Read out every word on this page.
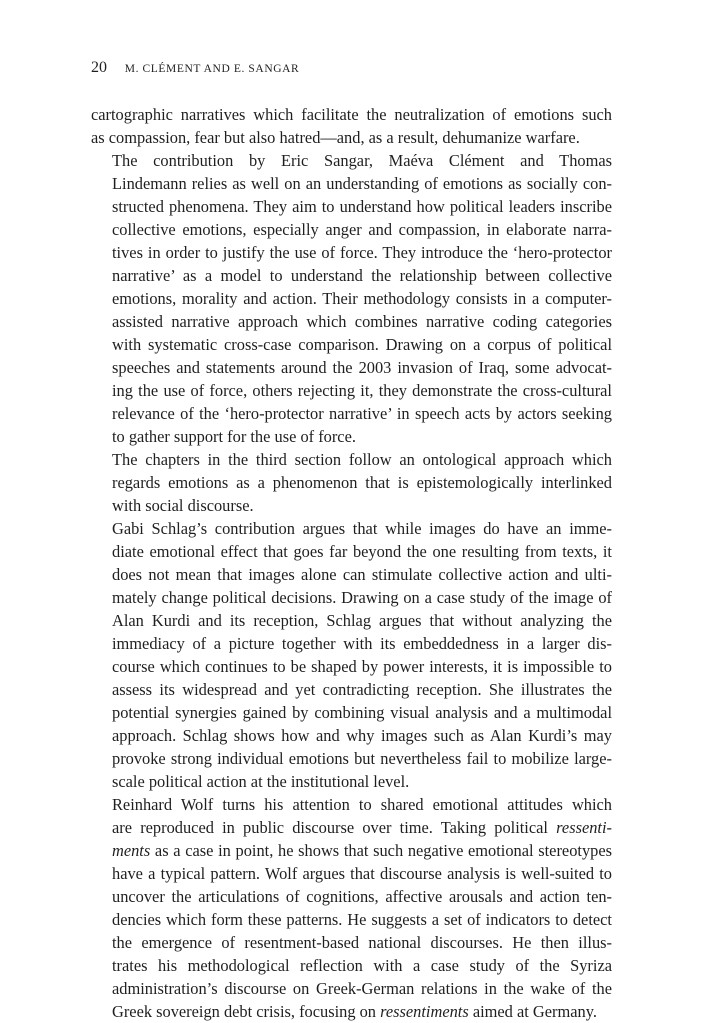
20 M. CLÉMENT AND E. SANGAR
cartographic narratives which facilitate the neutralization of emotions such
as compassion, fear but also hatred—and, as a result, dehumanize warfare.
The contribution by Eric Sangar, Maéva Clément and Thomas
Lindemann relies as well on an understanding of emotions as socially con-
structed phenomena. They aim to understand how political leaders inscribe
collective emotions, especially anger and compassion, in elaborate narra-
tives in order to justify the use of force. They introduce the ‘hero-protector
narrative’ as a model to understand the relationship between collective
emotions, morality and action. Their methodology consists in a computer-
assisted narrative approach which combines narrative coding categories
with systematic cross-case comparison. Drawing on a corpus of political
speeches and statements around the 2003 invasion of Iraq, some advocat-
ing the use of force, others rejecting it, they demonstrate the cross-cultural
relevance of the ‘hero-protector narrative’ in speech acts by actors seeking
to gather support for the use of force.
The chapters in the third section follow an ontological approach which
regards emotions as a phenomenon that is epistemologically interlinked
with social discourse.
Gabi Schlag’s contribution argues that while images do have an imme-
diate emotional effect that goes far beyond the one resulting from texts, it
does not mean that images alone can stimulate collective action and ulti-
mately change political decisions. Drawing on a case study of the image of
Alan Kurdi and its reception, Schlag argues that without analyzing the
immediacy of a picture together with its embeddedness in a larger dis-
course which continues to be shaped by power interests, it is impossible to
assess its widespread and yet contradicting reception. She illustrates the
potential synergies gained by combining visual analysis and a multimodal
approach. Schlag shows how and why images such as Alan Kurdi’s may
provoke strong individual emotions but nevertheless fail to mobilize large-
scale political action at the institutional level.
Reinhard Wolf turns his attention to shared emotional attitudes which
are reproduced in public discourse over time. Taking political ressenti-
ments as a case in point, he shows that such negative emotional stereotypes
have a typical pattern. Wolf argues that discourse analysis is well-suited to
uncover the articulations of cognitions, affective arousals and action ten-
dencies which form these patterns. He suggests a set of indicators to detect
the emergence of resentment-based national discourses. He then illus-
trates his methodological reflection with a case study of the Syriza
administration’s discourse on Greek-German relations in the wake of the
Greek sovereign debt crisis, focusing on ressentiments aimed at Germany.
